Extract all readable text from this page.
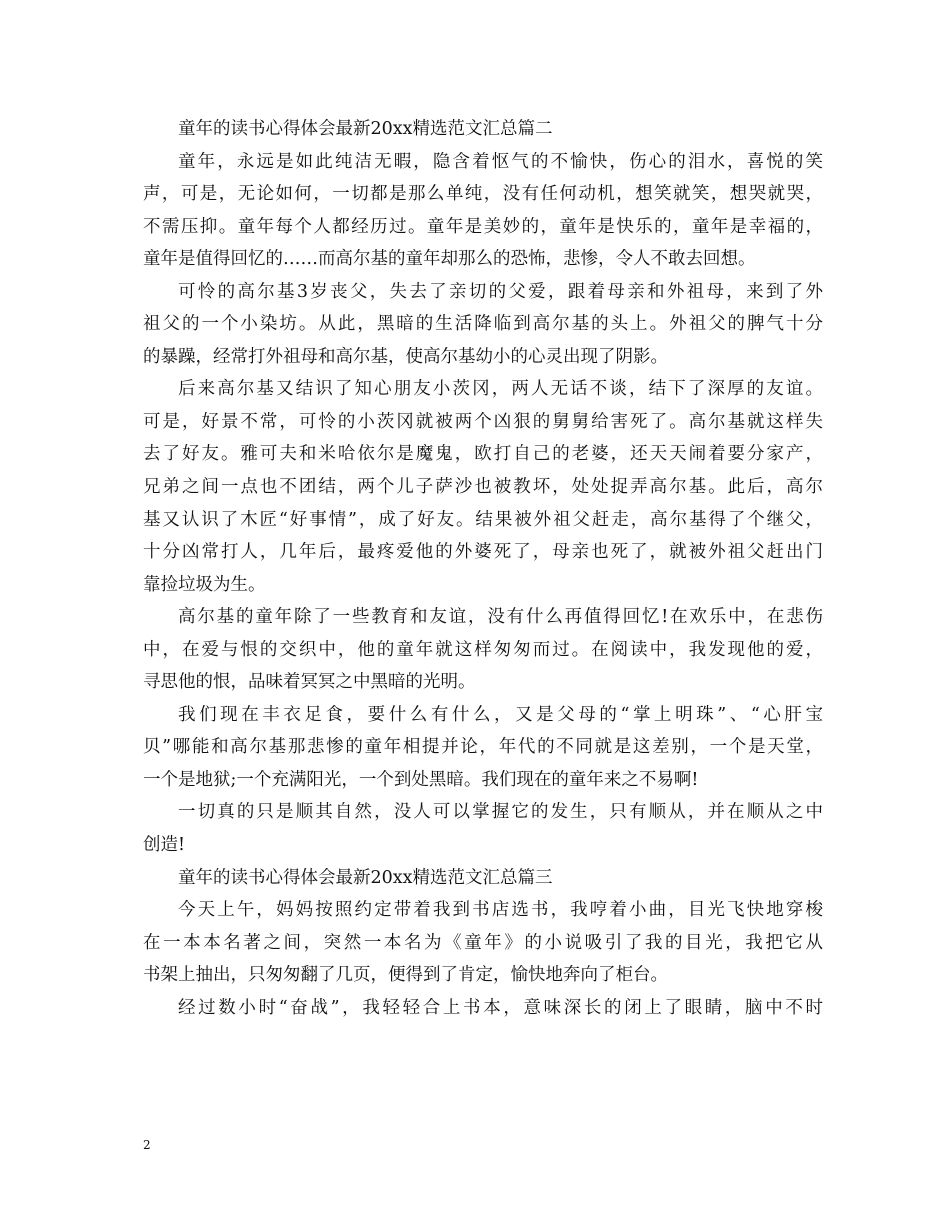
童年的读书心得体会最新20xx精选范文汇总篇二
童年，永远是如此纯洁无暇，隐含着怄气的不愉快，伤心的泪水，喜悦的笑
声，可是，无论如何，一切都是那么单纯，没有任何动机，想笑就笑，想哭就哭，
不需压抑。童年每个人都经历过。童年是美妙的，童年是快乐的，童年是幸福的，
童年是值得回忆的……而高尔基的童年却那么的恐怖，悲惨，令人不敢去回想。
可怜的高尔基3岁丧父，失去了亲切的父爱，跟着母亲和外祖母，来到了外
祖父的一个小染坊。从此，黑暗的生活降临到高尔基的头上。外祖父的脾气十分
的暴躁，经常打外祖母和高尔基，使高尔基幼小的心灵出现了阴影。
后来高尔基又结识了知心朋友小茨冈，两人无话不谈，结下了深厚的友谊。
可是，好景不常，可怜的小茨冈就被两个凶狠的舅舅给害死了。高尔基就这样失
去了好友。雅可夫和米哈依尔是魔鬼，欧打自己的老婆，还天天闹着要分家产，
兄弟之间一点也不团结，两个儿子萨沙也被教坏，处处捉弄高尔基。此后，高尔
基又认识了木匠“好事情”，成了好友。结果被外祖父赶走，高尔基得了个继父，
十分凶常打人，几年后，最疼爱他的外婆死了，母亲也死了，就被外祖父赶出门
靠捡垃圾为生。
高尔基的童年除了一些教育和友谊，没有什么再值得回忆!在欢乐中，在悲伤
中，在爱与恨的交织中，他的童年就这样匆匆而过。在阅读中，我发现他的爱，
寻思他的恨，品味着冥冥之中黑暗的光明。
我们现在丰衣足食，要什么有什么，又是父母的“掌上明珠”、“心肝宝
贝”哪能和高尔基那悲惨的童年相提并论，年代的不同就是这差别，一个是天堂，
一个是地狱;一个充满阳光，一个到处黑暗。我们现在的童年来之不易啊!
一切真的只是顺其自然，没人可以掌握它的发生，只有顺从，并在顺从之中
创造!
童年的读书心得体会最新20xx精选范文汇总篇三
今天上午，妈妈按照约定带着我到书店选书，我哼着小曲，目光飞快地穿梭
在一本本名著之间，突然一本名为《童年》的小说吸引了我的目光，我把它从
书架上抽出，只匆匆翻了几页，便得到了肯定，愉快地奔向了柜台。
经过数小时“奋战”，我轻轻合上书本，意味深长的闭上了眼睛，脑中不时
2
